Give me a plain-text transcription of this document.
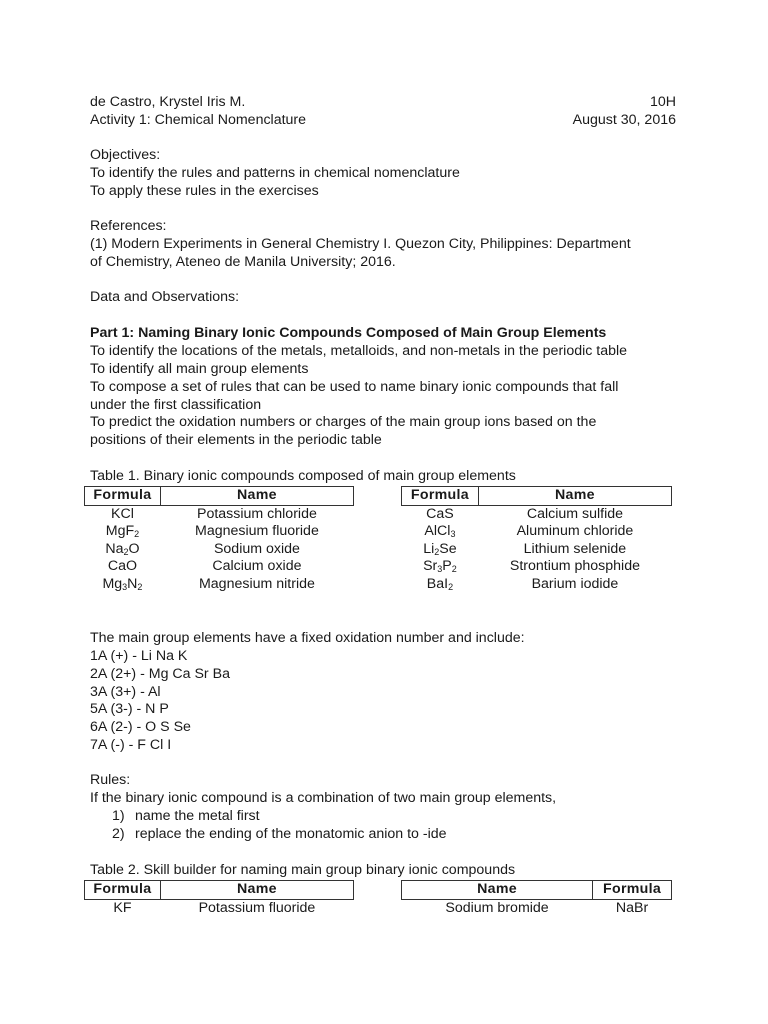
de Castro, Krystel Iris M.	10H
Activity 1: Chemical Nomenclature	August 30, 2016
Objectives:
To identify the rules and patterns in chemical nomenclature
To apply these rules in the exercises
References:
(1) Modern Experiments in General Chemistry I. Quezon City, Philippines: Department
of Chemistry, Ateneo de Manila University; 2016.
Data and Observations:
Part 1: Naming Binary Ionic Compounds Composed of Main Group Elements
To identify the locations of the metals, metalloids, and non-metals in the periodic table
To identify all main group elements
To compose a set of rules that can be used to name binary ionic compounds that fall
under the first classification
To predict the oxidation numbers or charges of the main group ions based on the
positions of their elements in the periodic table
Table 1. Binary ionic compounds composed of main group elements
Formula	Name
KCl	Potassium chloride
MgF$_2$	Magnesium fluoride
$Na_2O$	Sodium oxide
CaO	Calcium oxide
$Mg_3N_2$	Magnesium nitride
Formula	Name
CaS	Calcium sulfide
AlCl$_3$	Aluminum chloride
$Li_2Se$	Lithium selenide
$Sr_3P_2$	Strontium phosphide
BaI$_2$	Barium iodide
The main group elements have a fixed oxidation number and include:
1A (+) - Li Na K
2A (2+) - Mg Ca Sr Ba
3A (3+) - Al
5A (3-) - N P
6A (2-) - O S Se
7A (-) - F Cl I
Rules:
If the binary ionic compound is a combination of two main group elements,
1) name the metal first
2) replace the ending of the monatomic anion to -ide
Table 2. Skill builder for naming main group binary ionic compounds
Formula	Name
KF	Potassium fluoride
Name	Formula
Sodium bromide	NaBr
